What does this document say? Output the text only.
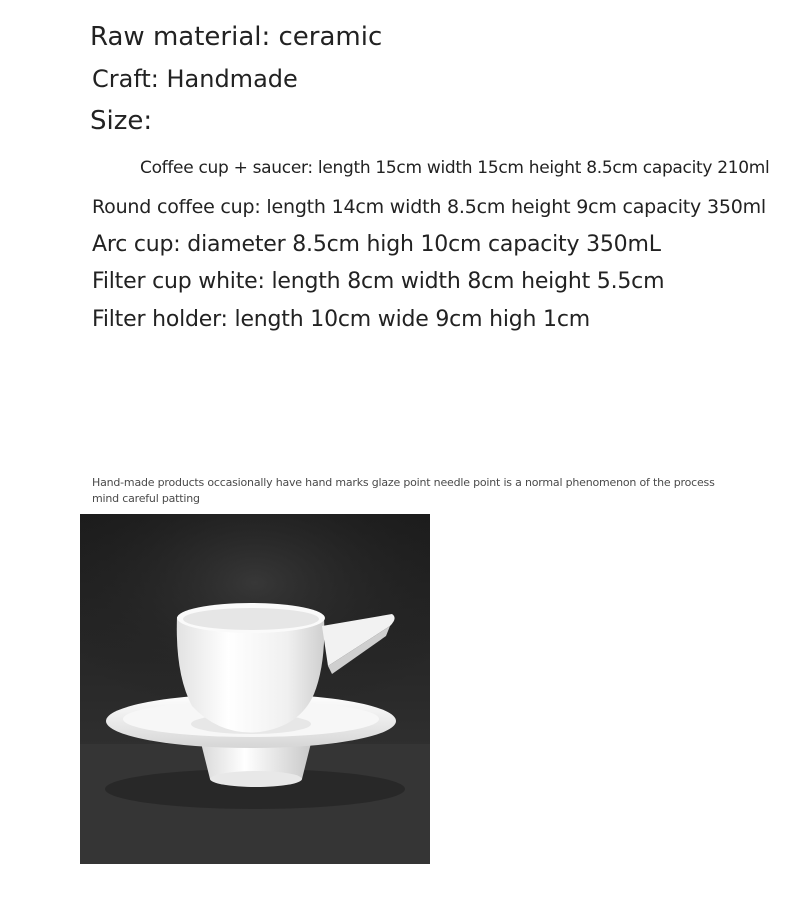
Raw material: ceramic
Craft: Handmade
Size:
Coffee cup + saucer: length 15cm width 15cm height 8.5cm capacity 210ml
Round coffee cup: length 14cm width 8.5cm height 9cm capacity 350ml
Arc cup: diameter 8.5cm high 10cm capacity 350mL
Filter cup white: length 8cm width 8cm height 5.5cm
Filter holder: length 10cm wide 9cm high 1cm
Hand-made products occasionally have hand marks glaze point needle point is a normal phenomenon of the process mind careful patting
